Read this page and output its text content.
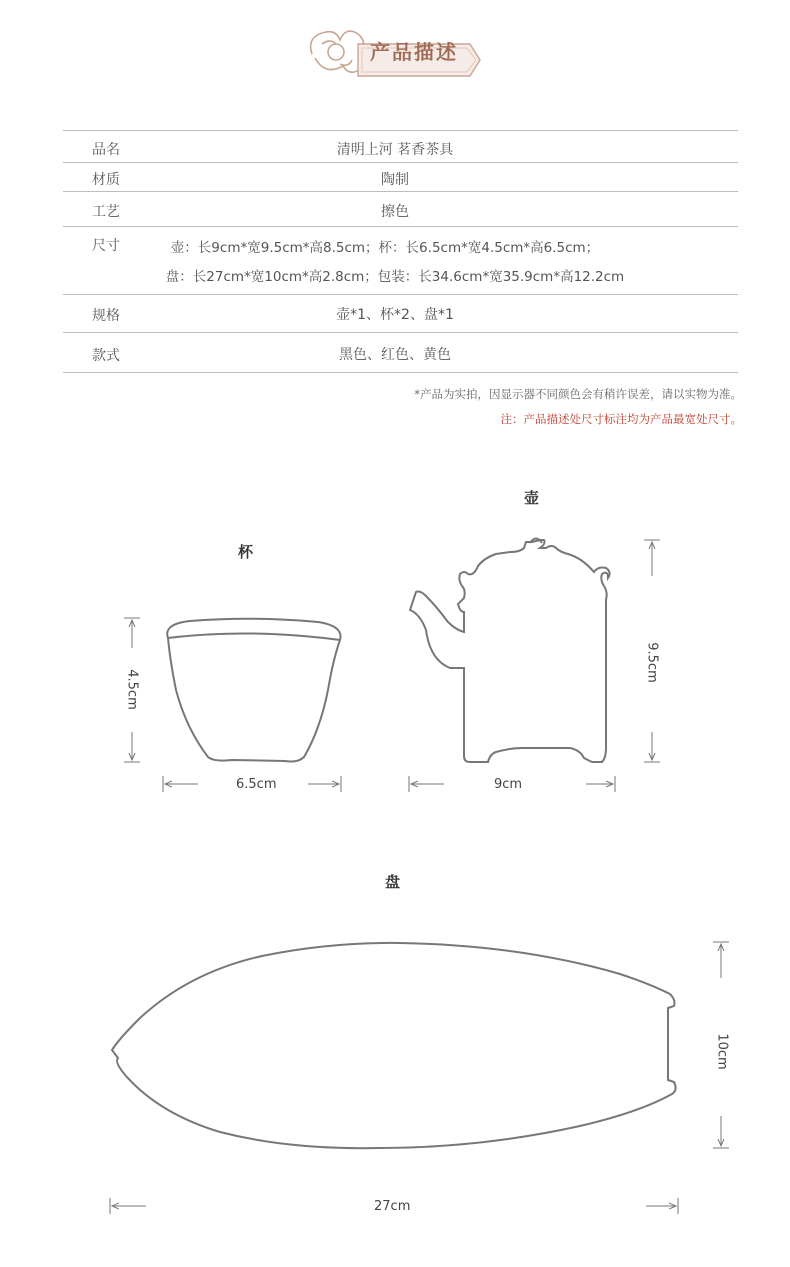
产品描述
品名	清明上河 茗香茶具
材质	陶制
工艺	擦色
尺寸	壶：长9cm*宽9.5cm*高8.5cm；杯：长6.5cm*宽4.5cm*高6.5cm；
盘：长27cm*宽10cm*高2.8cm；包装：长34.6cm*宽35.9cm*高12.2cm
规格	壶*1、杯*2、盘*1
款式	黑色、红色、黄色
*产品为实拍，因显示器不同颜色会有稍许误差，请以实物为准。
注：产品描述处尺寸标注均为产品最宽处尺寸。
杯
壶
盘
4.5cm
6.5cm
9.5cm
9cm
10cm
27cm
